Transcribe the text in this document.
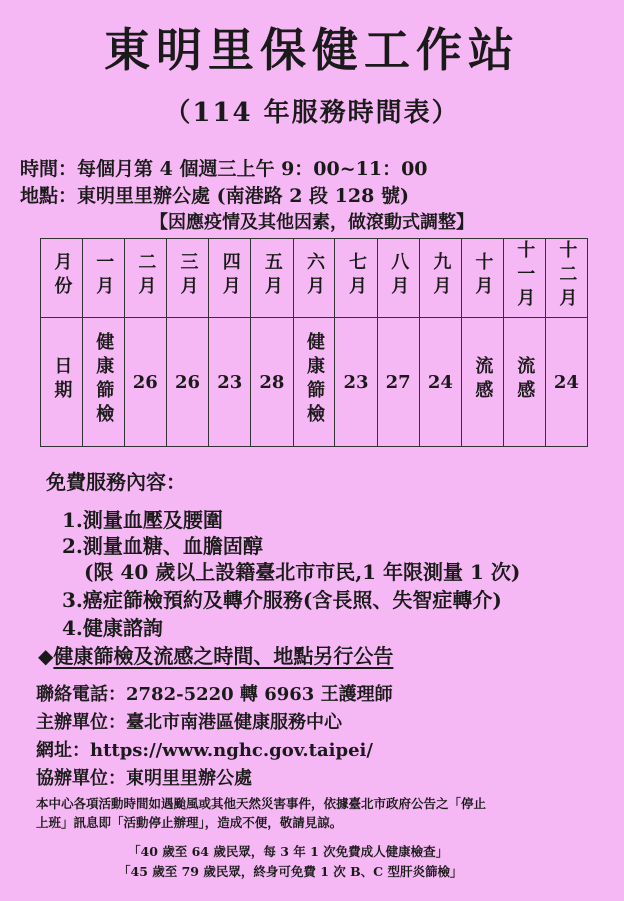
東明里保健工作站
（114 年服務時間表）
時間：每個月第 4 個週三上午 9：00~11：00
地點：東明里里辦公處 (南港路 2 段 128 號)
【因應疫情及其他因素，做滾動式調整】
月份	一月	二月	三月	四月	五月	六月	七月	八月	九月	十月	十一月	十二月
日期	健康篩檢	26	26	23	28	健康篩檢	23	27	24	流感	流感	24
免費服務內容：
1.測量血壓及腰圍
2.測量血糖、血膽固醇
(限 40 歲以上設籍臺北市市民,1 年限測量 1 次)
3.癌症篩檢預約及轉介服務(含長照、失智症轉介)
4.健康諮詢
◆健康篩檢及流感之時間、地點另行公告
聯絡電話：2782-5220 轉 6963 王護理師
主辦單位：臺北市南港區健康服務中心
網址：https://www.nghc.gov.taipei/
協辦單位：東明里里辦公處
本中心各項活動時間如遇颱風或其他天然災害事件，依據臺北市政府公告之「停止
上班」訊息即「活動停止辦理」，造成不便，敬請見諒。
「40 歲至 64 歲民眾，每 3 年 1 次免費成人健康檢查」
「45 歲至 79 歲民眾，終身可免費 1 次 B、C 型肝炎篩檢」
